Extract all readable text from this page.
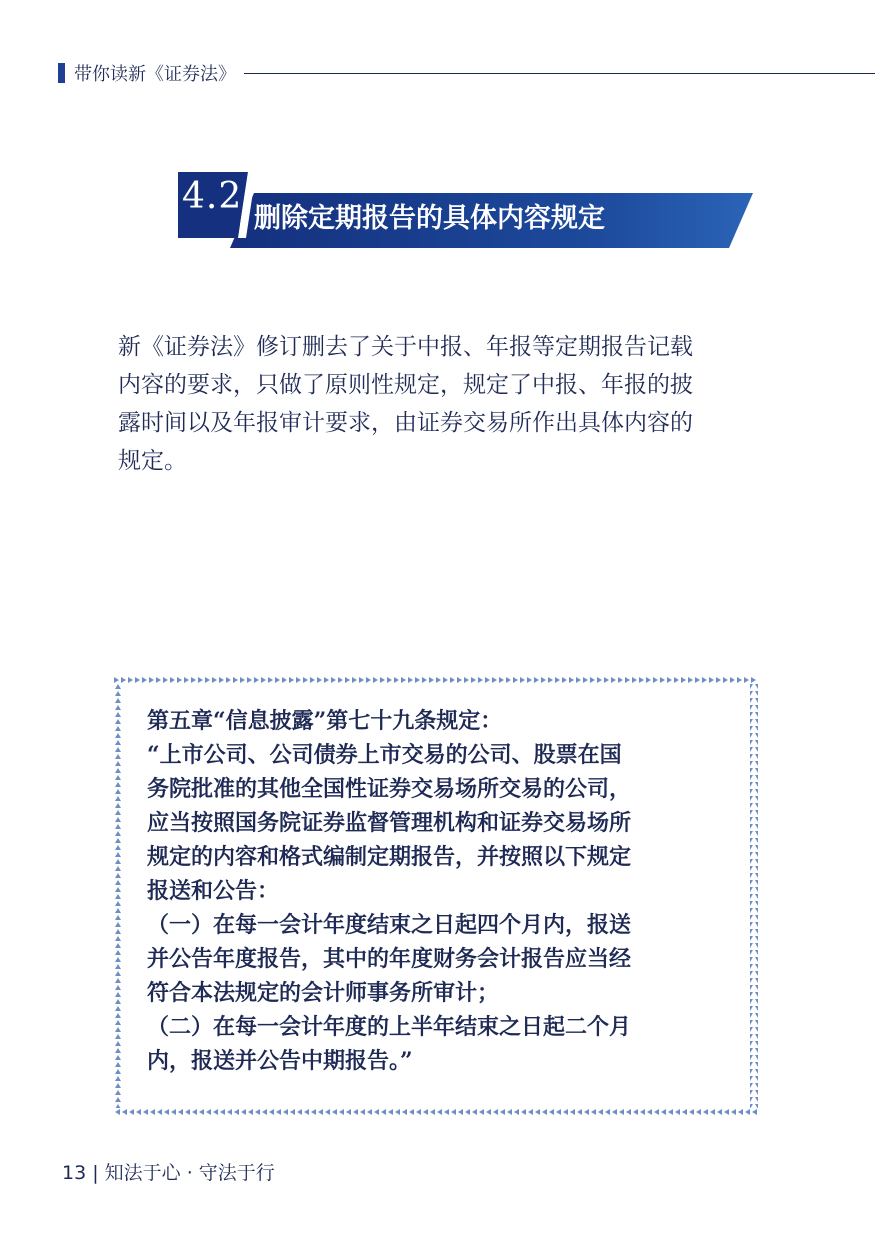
带你读新《证券法》
4.2
删除定期报告的具体内容规定
新《证券法》修订删去了关于中报、年报等定期报告记载
内容的要求，只做了原则性规定，规定了中报、年报的披
露时间以及年报审计要求，由证券交易所作出具体内容的
规定。

第五章“信息披露”第七十九条规定：

“上市公司、公司债券上市交易的公司、股票在国

务院批准的其他全国性证券交易场所交易的公司，

应当按照国务院证券监督管理机构和证券交易场所

规定的内容和格式编制定期报告，并按照以下规定

报送和公告：

（一）在每一会计年度结束之日起四个月内，报送

并公告年度报告，其中的年度财务会计报告应当经

符合本法规定的会计师事务所审计；

（二）在每一会计年度的上半年结束之日起二个月

内，报送并公告中期报告。”

13 | 知法于心 · 守法于行
